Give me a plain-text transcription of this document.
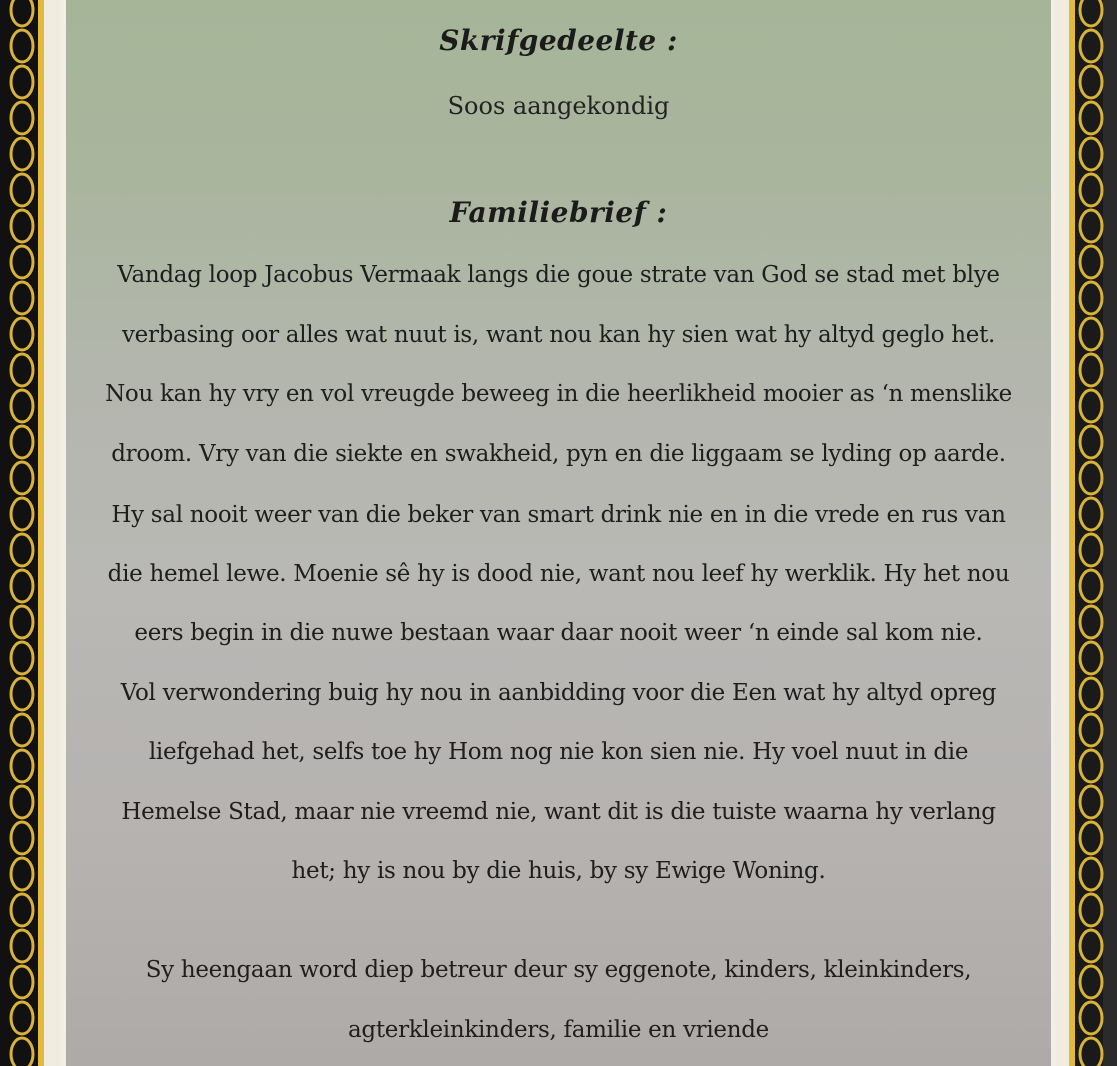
Skrifgedeelte :
Soos aangekondig
Familiebrief :
Vandag loop Jacobus Vermaak langs die goue strate van God se stad met blye
verbasing oor alles wat nuut is, want nou kan hy sien wat hy altyd geglo het.
Nou kan hy vry en vol vreugde beweeg in die heerlikheid mooier as ‘n menslike
droom. Vry van die siekte en swakheid, pyn en die liggaam se lyding op aarde.
Hy sal nooit weer van die beker van smart drink nie en in die vrede en rus van
die hemel lewe. Moenie sê hy is dood nie, want nou leef hy werklik. Hy het nou
eers begin in die nuwe bestaan waar daar nooit weer ‘n einde sal kom nie.
Vol verwondering buig hy nou in aanbidding voor die Een wat hy altyd opreg
liefgehad het, selfs toe hy Hom nog nie kon sien nie. Hy voel nuut in die
Hemelse Stad, maar nie vreemd nie, want dit is die tuiste waarna hy verlang
het; hy is nou by die huis, by sy Ewige Woning.
Sy heengaan word diep betreur deur sy eggenote, kinders, kleinkinders,
agterkleinkinders, familie en vriende
